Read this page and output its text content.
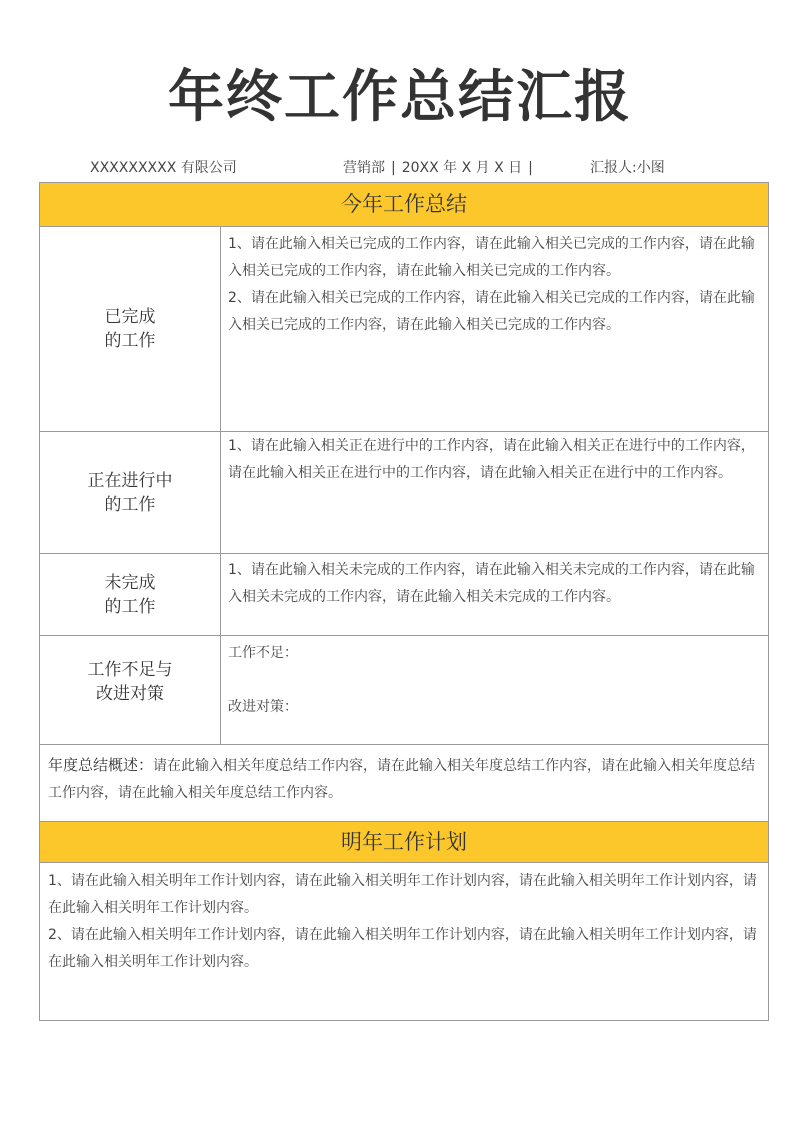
年终工作总结汇报
XXXXXXXXX 有限公司	营销部 | 20XX 年 X 月 X 日 |	汇报人:小图
今年工作总结
已完成
的工作

1、请在此输入相关已完成的工作内容，请在此输入相关已完成的工作内容，请在此输入相关已完成的工作内容，请在此输入相关已完成的工作内容。

2、请在此输入相关已完成的工作内容，请在此输入相关已完成的工作内容，请在此输入相关已完成的工作内容，请在此输入相关已完成的工作内容。

正在进行中
的工作

1、请在此输入相关正在进行中的工作内容，请在此输入相关正在进行中的工作内容，请在此输入相关正在进行中的工作内容，请在此输入相关正在进行中的工作内容。

未完成
的工作

1、请在此输入相关未完成的工作内容，请在此输入相关未完成的工作内容，请在此输入相关未完成的工作内容，请在此输入相关未完成的工作内容。

工作不足与
改进对策

工作不足：

改进对策：

年度总结概述：请在此输入相关年度总结工作内容，请在此输入相关年度总结工作内容，请在此输入相关年度总结工作内容，请在此输入相关年度总结工作内容。

明年工作计划

1、请在此输入相关明年工作计划内容，请在此输入相关明年工作计划内容，请在此输入相关明年工作计划内容，请在此输入相关明年工作计划内容。

2、请在此输入相关明年工作计划内容，请在此输入相关明年工作计划内容，请在此输入相关明年工作计划内容，请在此输入相关明年工作计划内容。
